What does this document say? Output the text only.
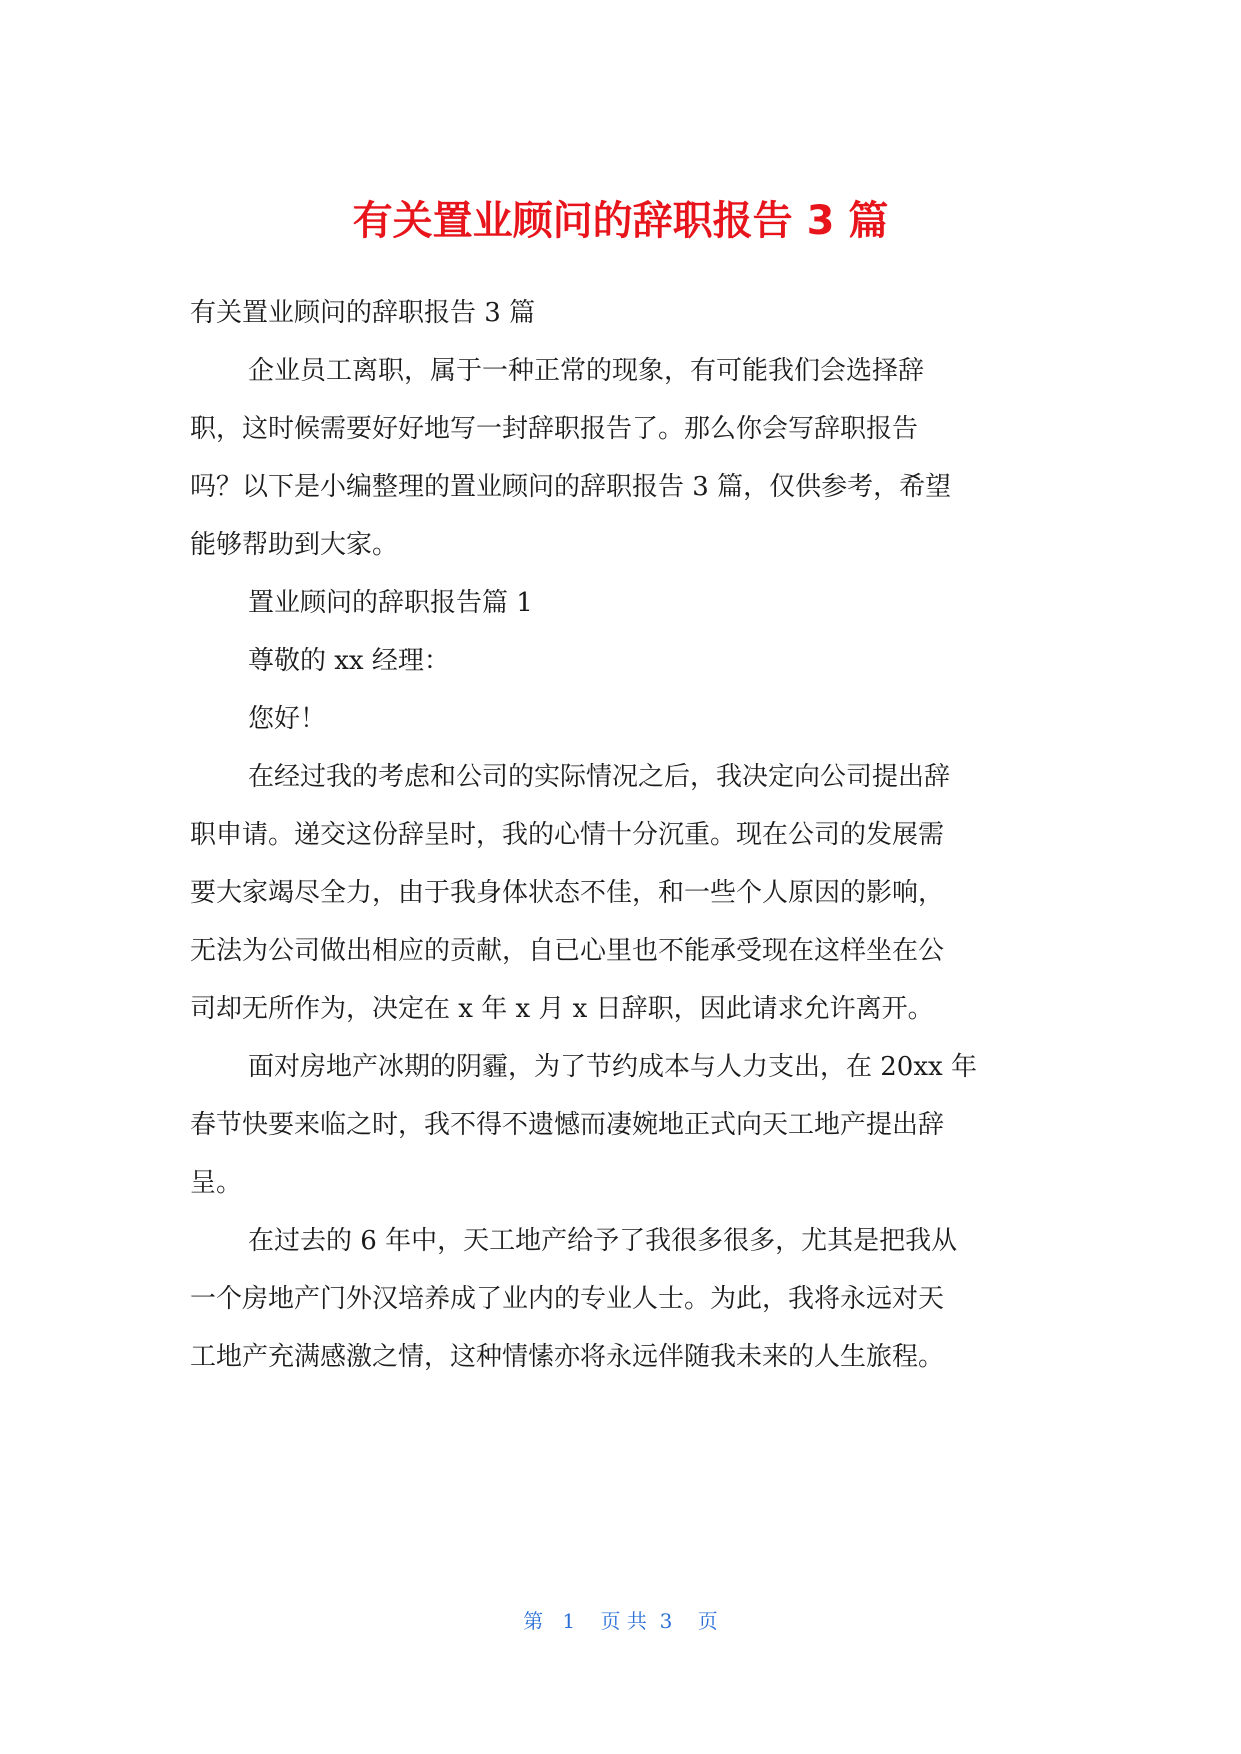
有关置业顾问的辞职报告 3 篇
有关置业顾问的辞职报告 3 篇
企业员工离职，属于一种正常的现象，有可能我们会选择辞
职，这时候需要好好地写一封辞职报告了。那么你会写辞职报告
吗？以下是小编整理的置业顾问的辞职报告 3 篇，仅供参考，希望
能够帮助到大家。
置业顾问的辞职报告篇 1
尊敬的 xx 经理：
您好！
在经过我的考虑和公司的实际情况之后，我决定向公司提出辞
职申请。递交这份辞呈时，我的心情十分沉重。现在公司的发展需
要大家竭尽全力，由于我身体状态不佳，和一些个人原因的影响，
无法为公司做出相应的贡献，自已心里也不能承受现在这样坐在公
司却无所作为，决定在 x 年 x 月 x 日辞职，因此请求允许离开。
面对房地产冰期的阴霾，为了节约成本与人力支出，在 20xx 年
春节快要来临之时，我不得不遗憾而凄婉地正式向天工地产提出辞
呈。
在过去的 6 年中，天工地产给予了我很多很多，尤其是把我从
一个房地产门外汉培养成了业内的专业人士。为此，我将永远对天
工地产充满感激之情，这种情愫亦将永远伴随我未来的人生旅程。
第   1    页 共  3    页
